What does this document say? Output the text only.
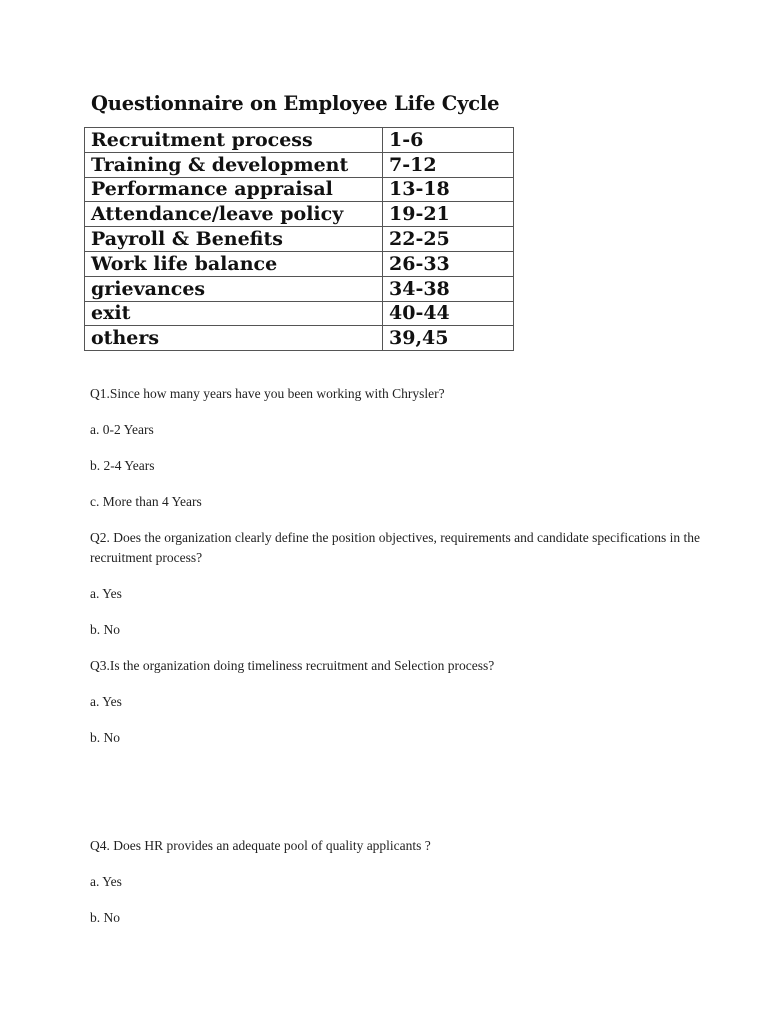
Questionnaire on Employee Life Cycle
Recruitment process	1-6
Training & development	7-12
Performance appraisal	13-18
Attendance/leave policy	19-21
Payroll & Benefits	22-25
Work life balance	26-33
grievances	34-38
exit	40-44
others	39,45

Q1.Since how many years have you been working with Chrysler?

a. 0-2 Years

b. 2-4 Years

c. More than 4 Years

Q2. Does the organization clearly define the position objectives, requirements and candidate specifications in the recruitment process?

a. Yes

b. No

Q3.Is the organization doing timeliness recruitment and Selection process?

a. Yes

b. No

Q4. Does HR provides an adequate pool of quality applicants ?

a. Yes

b. No
